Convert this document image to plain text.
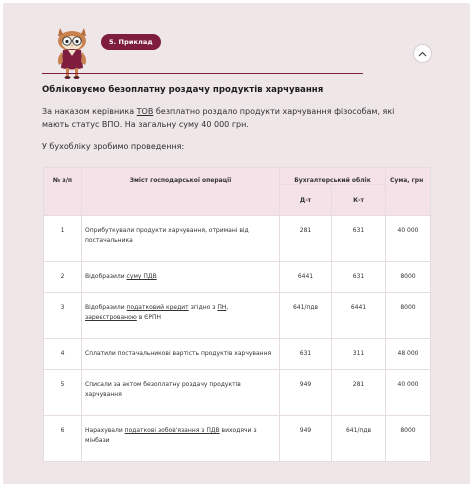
5. Приклад
Обліковуємо безоплатну роздачу продуктів харчування

За наказом керівника ТОВ безплатно роздало продукти харчування фізособам, які мають статус ВПО. На загальну суму 40 000 грн.

У бухобліку зробимо проведення:

№ з/п	Зміст господарської операції	Бухгалтерський облік		Сума, грн
		Д-т	К-т	
1	Оприбуткували продукти харчування, отримані від постачальника	281	631	40 000
2	Відобразили суму ПДВ	6441	631	8000
3	Відобразили податковий кредит згідно з ПН, зареєстрованою в ЄРПН	641/пдв	6441	8000
4	Сплатили постачальникові вартість продуктів харчування	631	311	48 000
5	Списали за актом безоплатну роздачу продуктів харчування	949	281	40 000
6	Нарахували податкові зобов'язання з ПДВ виходячи з мінбази	949	641/пдв	8000
